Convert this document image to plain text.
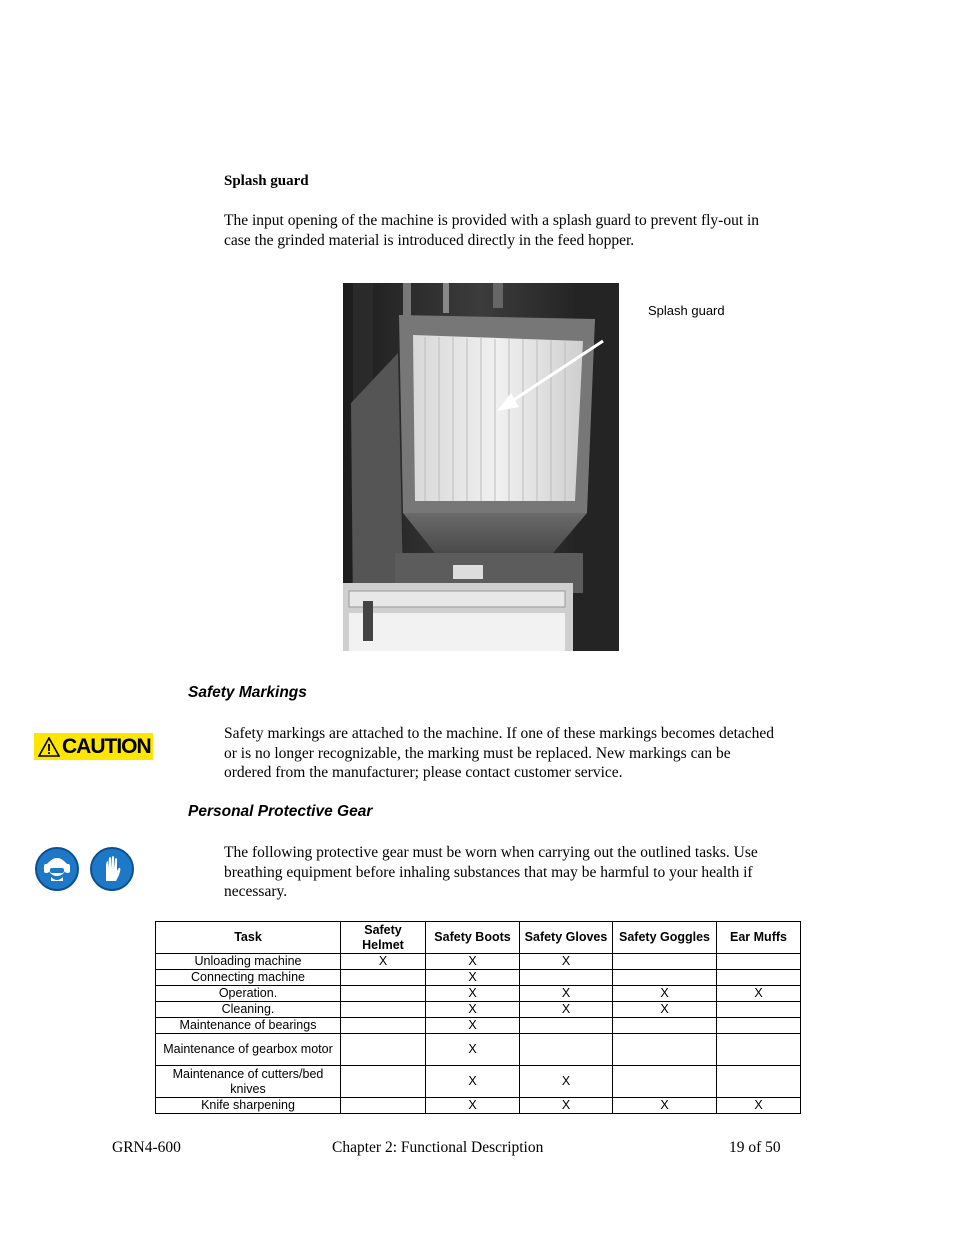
Splash guard
The input opening of the machine is provided with a splash guard to prevent fly-out in
case the grinded material is introduced directly in the feed hopper.
Splash guard
Safety Markings
CAUTION
Safety markings are attached to the machine. If one of these markings becomes detached
or is no longer recognizable, the marking must be replaced. New markings can be
ordered from the manufacturer; please contact customer service.
Personal Protective Gear
The following protective gear must be worn when carrying out the outlined tasks. Use
breathing equipment before inhaling substances that may be harmful to your health if
necessary.
Task	Safety Helmet	Safety Boots	Safety Gloves	Safety Goggles	Ear Muffs
Unloading machine	X	X	X		
Connecting machine		X			
Operation.		X	X	X	X
Cleaning.		X	X	X	
Maintenance of bearings		X			
Maintenance of gearbox motor		X			
Maintenance of cutters/bed knives		X	X		
Knife sharpening		X	X	X	X
GRN4-600	Chapter 2: Functional Description	19 of 50
